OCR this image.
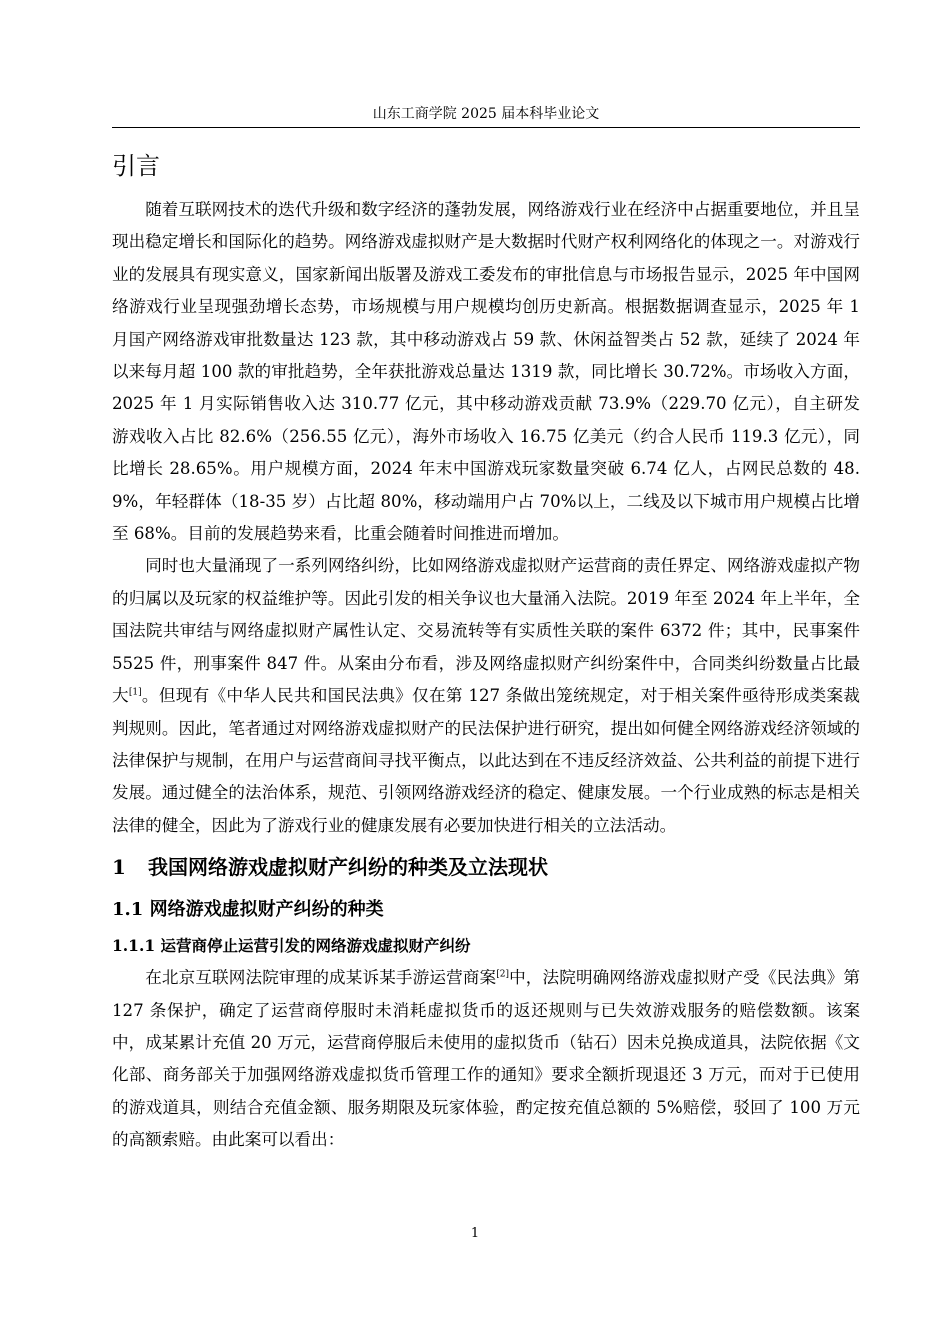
山东工商学院 2025 届本科毕业论文
引言

随着互联网技术的迭代升级和数字经济的蓬勃发展，网络游戏行业在经济中占据重要地位，并且呈现出稳定增长和国际化的趋势。网络游戏虚拟财产是大数据时代财产权利网络化的体现之一。对游戏行业的发展具有现实意义，国家新闻出版署及游戏工委发布的审批信息与市场报告显示，2025 年中国网络游戏行业呈现强劲增长态势，市场规模与用户规模均创历史新高。根据数据调查显示，2025 年 1 月国产网络游戏审批数量达 123 款，其中移动游戏占 59 款、休闲益智类占 52 款，延续了 2024 年以来每月超 100 款的审批趋势，全年获批游戏总量达 1319 款，同比增长 30.72%。市场收入方面，2025 年 1 月实际销售收入达 310.77 亿元，其中移动游戏贡献 73.9%（229.70 亿元），自主研发游戏收入占比 82.6%（256.55 亿元），海外市场收入 16.75 亿美元（约合人民币 119.3 亿元），同比增长 28.65%。用户规模方面，2024 年末中国游戏玩家数量突破 6.74 亿人，占网民总数的 48.9%，年轻群体（18-35 岁）占比超 80%，移动端用户占 70%以上，二线及以下城市用户规模占比增至 68%。目前的发展趋势来看，比重会随着时间推进而增加。

同时也大量涌现了一系列网络纠纷，比如网络游戏虚拟财产运营商的责任界定、网络游戏虚拟产物的归属以及玩家的权益维护等。因此引发的相关争议也大量涌入法院。2019 年至 2024 年上半年，全国法院共审结与网络虚拟财产属性认定、交易流转等有实质性关联的案件 6372 件；其中，民事案件 5525 件，刑事案件 847 件。从案由分布看，涉及网络虚拟财产纠纷案件中，合同类纠纷数量占比最大[1]。但现有《中华人民共和国民法典》仅在第 127 条做出笼统规定，对于相关案件亟待形成类案裁判规则。因此，笔者通过对网络游戏虚拟财产的民法保护进行研究，提出如何健全网络游戏经济领域的法律保护与规制，在用户与运营商间寻找平衡点，以此达到在不违反经济效益、公共利益的前提下进行发展。通过健全的法治体系，规范、引领网络游戏经济的稳定、健康发展。一个行业成熟的标志是相关法律的健全，因此为了游戏行业的健康发展有必要加快进行相关的立法活动。

1	我国网络游戏虚拟财产纠纷的种类及立法现状
1.1 网络游戏虚拟财产纠纷的种类
1.1.1 运营商停止运营引发的网络游戏虚拟财产纠纷

在北京互联网法院审理的成某诉某手游运营商案[2]中，法院明确网络游戏虚拟财产受《民法典》第 127 条保护，确定了运营商停服时未消耗虚拟货币的返还规则与已失效游戏服务的赔偿数额。该案中，成某累计充值 20 万元，运营商停服后未使用的虚拟货币（钻石）因未兑换成道具，法院依据《文化部、商务部关于加强网络游戏虚拟货币管理工作的通知》要求全额折现退还 3 万元，而对于已使用的游戏道具，则结合充值金额、服务期限及玩家体验，酌定按充值总额的 5%赔偿，驳回了 100 万元的高额索赔。由此案可以看出：

1
